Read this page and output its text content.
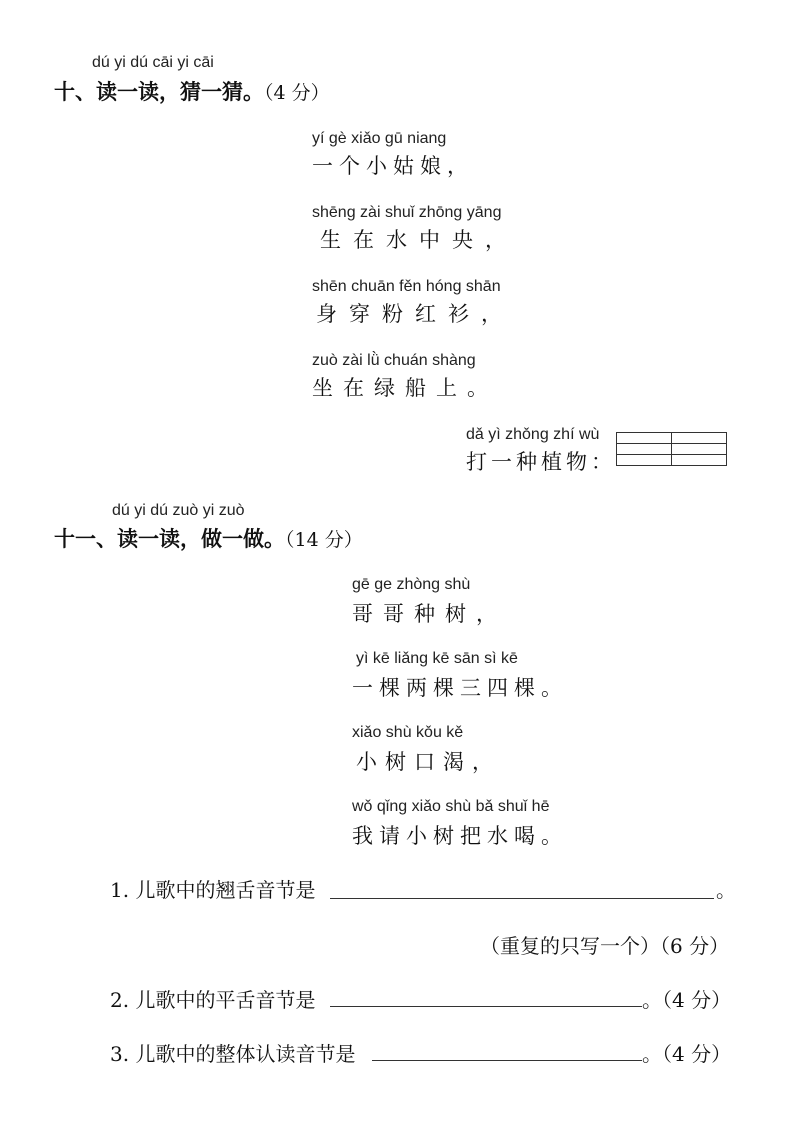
dú yi dú cāi yi cāi
十、读一读，猜一猜。（4 分）
yí gè xiǎo gū niang
一个小姑娘，
shēng zài shuǐ zhōng yāng
生在水中央，
shēn chuān fěn hóng shān
身穿粉红衫，
zuò zài lǜ chuán shàng
坐在绿船上。
dǎ yì zhǒng zhí wù
打一种植物：

dú yi dú zuò yi zuò
十一、读一读，做一做。（14 分）
gē ge zhòng shù
哥哥种树，
yì kē liǎng kē sān sì kē
一棵两棵三四棵。
xiǎo shù kǒu kě
小树口渴，
wǒ qǐng xiǎo shù bǎ shuǐ hē
我请小树把水喝。
1. 儿歌中的翘舌音节是	。
（重复的只写一个）（6 分）
2. 儿歌中的平舌音节是	。（4 分）
3. 儿歌中的整体认读音节是	。（4 分）
